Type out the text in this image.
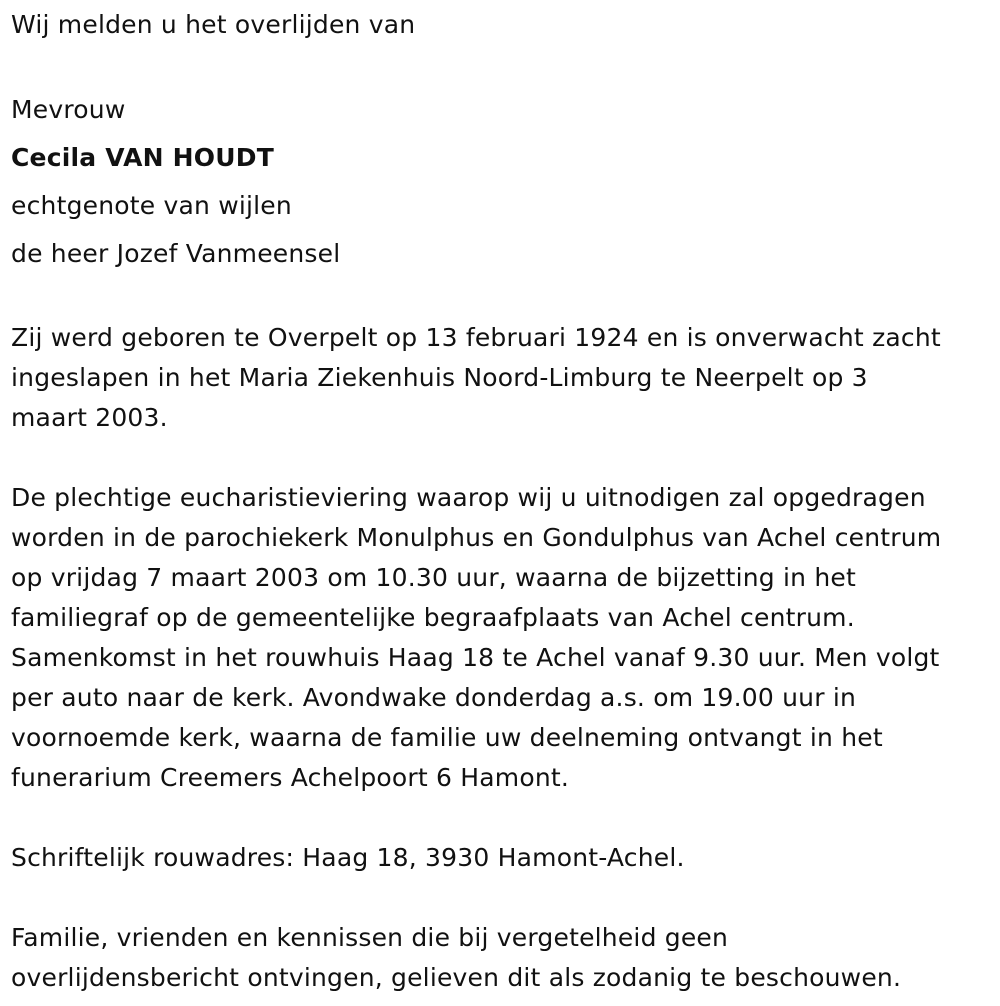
Wij melden u het overlijden van
Mevrouw
Cecila VAN HOUDT
echtgenote van wijlen
de heer Jozef Vanmeensel
Zij werd geboren te Overpelt op 13 februari 1924 en is onverwacht zacht
ingeslapen in het Maria Ziekenhuis Noord-Limburg te Neerpelt op 3
maart 2003.
De plechtige eucharistieviering waarop wij u uitnodigen zal opgedragen
worden in de parochiekerk Monulphus en Gondulphus van Achel centrum
op vrijdag 7 maart 2003 om 10.30 uur, waarna de bijzetting in het
familiegraf op de gemeentelijke begraafplaats van Achel centrum.
Samenkomst in het rouwhuis Haag 18 te Achel vanaf 9.30 uur. Men volgt
per auto naar de kerk. Avondwake donderdag a.s. om 19.00 uur in
voornoemde kerk, waarna de familie uw deelneming ontvangt in het
funerarium Creemers Achelpoort 6 Hamont.
Schriftelijk rouwadres: Haag 18, 3930 Hamont-Achel.
Familie, vrienden en kennissen die bij vergetelheid geen
overlijdensbericht ontvingen, gelieven dit als zodanig te beschouwen.
